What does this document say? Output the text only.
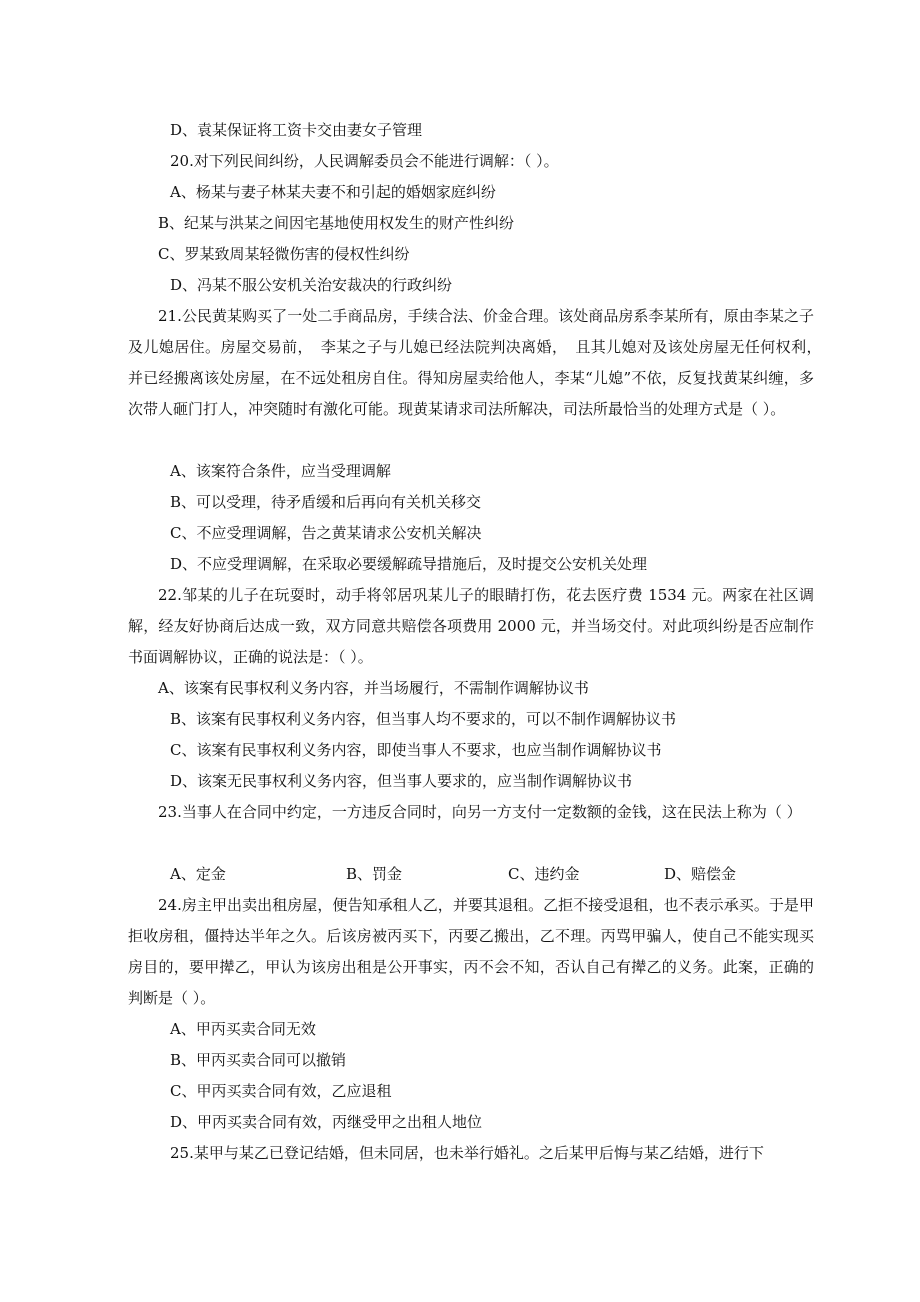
D、袁某保证将工资卡交由妻女子管理
20.对下列民间纠纷，人民调解委员会不能进行调解：（ ）。
A、杨某与妻子林某夫妻不和引起的婚姻家庭纠纷
B、纪某与洪某之间因宅基地使用权发生的财产性纠纷
C、罗某致周某轻微伤害的侵权性纠纷
D、冯某不服公安机关治安裁决的行政纠纷
21.公民黄某购买了一处二手商品房，手续合法、价金合理。该处商品房系李某所有，原由李某之子及儿媳居住。房屋交易前，　李某之子与儿媳已经法院判决离婚，　且其儿媳对及该处房屋无任何权利，　并已经搬离该处房屋，在不远处租房自住。得知房屋卖给他人，李某“儿媳”不依，反复找黄某纠缠，多次带人砸门打人，冲突随时有激化可能。现黄某请求司法所解决，司法所最恰当的处理方式是（ ）。
A、该案符合条件，应当受理调解
B、可以受理，待矛盾缓和后再向有关机关移交
C、不应受理调解，告之黄某请求公安机关解决
D、不应受理调解，在采取必要缓解疏导措施后，及时提交公安机关处理
22.邹某的儿子在玩耍时，动手将邻居巩某儿子的眼睛打伤，花去医疗费 1534 元。两家在社区调解，经友好协商后达成一致，双方同意共赔偿各项费用 2000 元，并当场交付。对此项纠纷是否应制作书面调解协议，正确的说法是：（ ）。
A、该案有民事权利义务内容，并当场履行，不需制作调解协议书
B、该案有民事权利义务内容，但当事人均不要求的，可以不制作调解协议书
C、该案有民事权利义务内容，即使当事人不要求，也应当制作调解协议书
D、该案无民事权利义务内容，但当事人要求的，应当制作调解协议书
23.当事人在合同中约定，一方违反合同时，向另一方支付一定数额的金钱，这在民法上称为（ ）
A、定金	B、罚金	C、违约金	D、赔偿金
24.房主甲出卖出租房屋，便告知承租人乙，并要其退租。乙拒不接受退租，也不表示承买。于是甲拒收房租，僵持达半年之久。后该房被丙买下，丙要乙搬出，乙不理。丙骂甲骗人，使自己不能实现买房目的，要甲撵乙，甲认为该房出租是公开事实，丙不会不知，否认自己有撵乙的义务。此案，正确的判断是（ ）。
A、甲丙买卖合同无效
B、甲丙买卖合同可以撤销
C、甲丙买卖合同有效，乙应退租
D、甲丙买卖合同有效，丙继受甲之出租人地位
25.某甲与某乙已登记结婚，但未同居，也未举行婚礼。之后某甲后悔与某乙结婚，进行下
